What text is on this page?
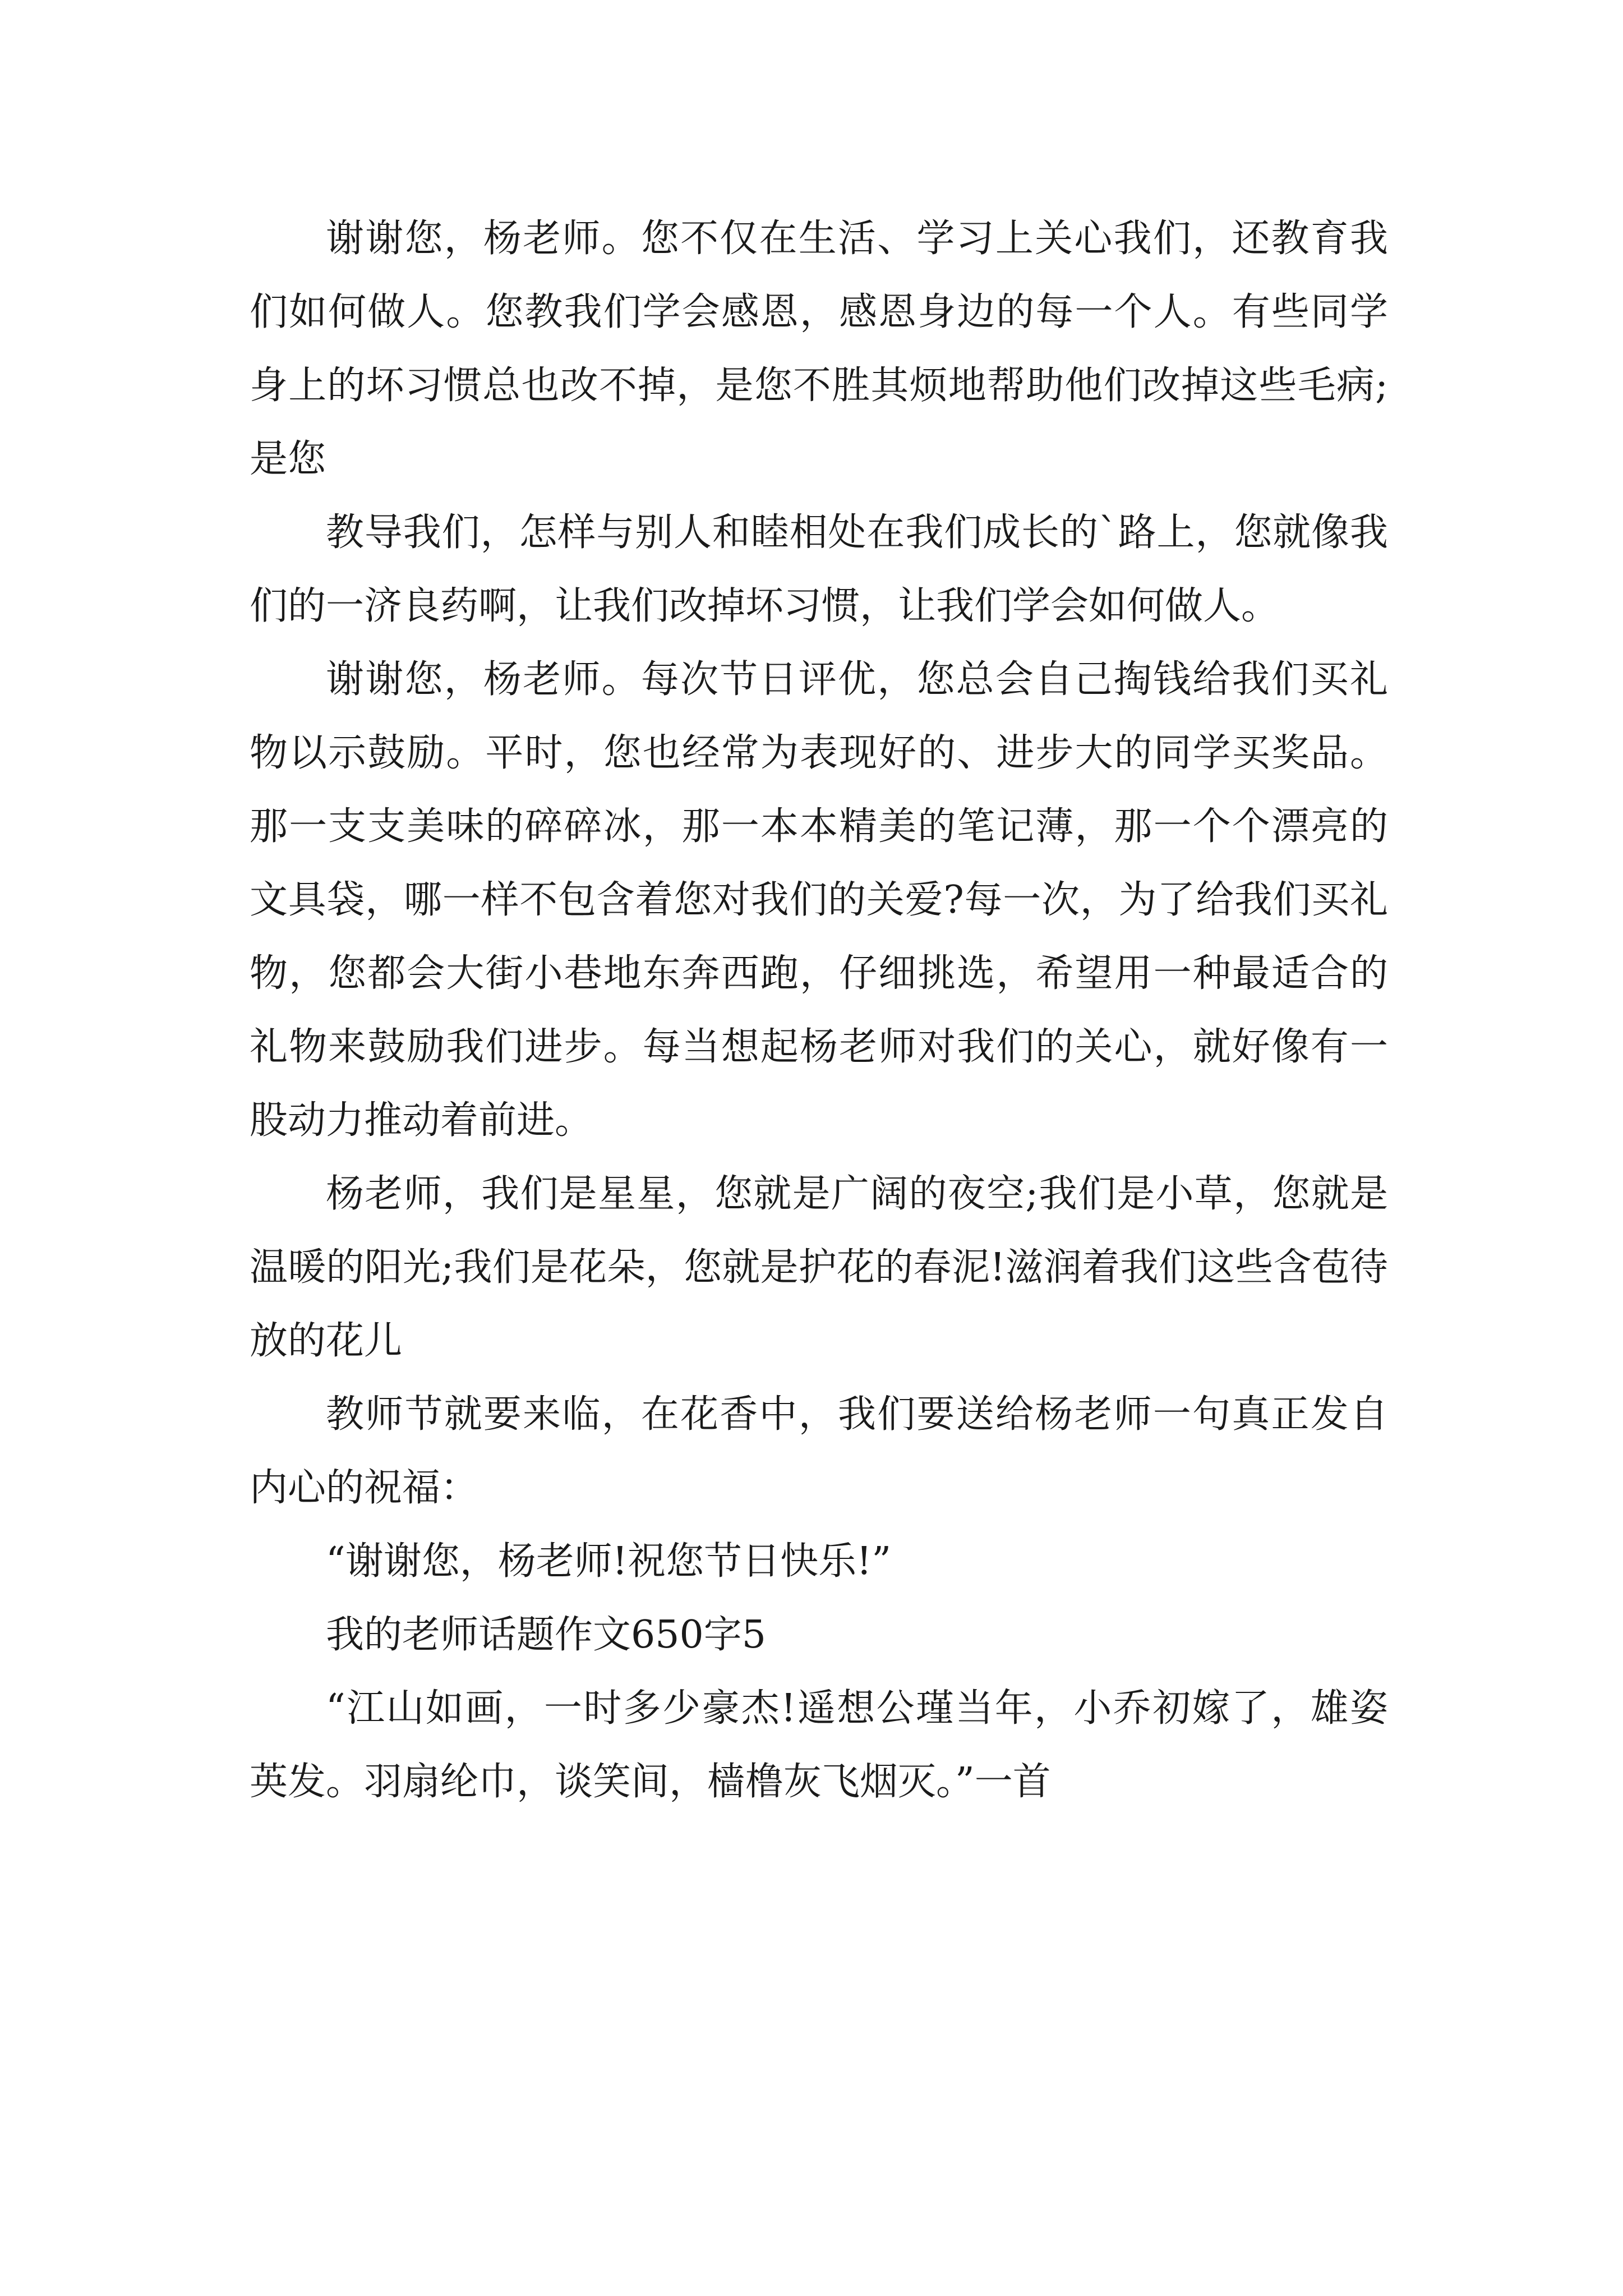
谢谢您，杨老师。您不仅在生活、学习上关心我们，还教育我们如何做人。您教我们学会感恩，感恩身边的每一个人。有些同学身上的坏习惯总也改不掉，是您不胜其烦地帮助他们改掉这些毛病;是您

教导我们，怎样与别人和睦相处在我们成长的`路上，您就像我们的一济良药啊，让我们改掉坏习惯，让我们学会如何做人。

谢谢您，杨老师。每次节日评优，您总会自己掏钱给我们买礼物以示鼓励。平时，您也经常为表现好的、进步大的同学买奖品。那一支支美味的碎碎冰，那一本本精美的笔记薄，那一个个漂亮的文具袋，哪一样不包含着您对我们的关爱?每一次，为了给我们买礼物，您都会大街小巷地东奔西跑，仔细挑选，希望用一种最适合的礼物来鼓励我们进步。每当想起杨老师对我们的关心，就好像有一股动力推动着前进。

杨老师，我们是星星，您就是广阔的夜空;我们是小草，您就是温暖的阳光;我们是花朵，您就是护花的春泥!滋润着我们这些含苞待放的花儿

教师节就要来临，在花香中，我们要送给杨老师一句真正发自内心的祝福：

“谢谢您，杨老师!祝您节日快乐!”

我的老师话题作文650字5

“江山如画，一时多少豪杰!遥想公瑾当年，小乔初嫁了，雄姿英发。羽扇纶巾，谈笑间，樯橹灰飞烟灭。”一首
